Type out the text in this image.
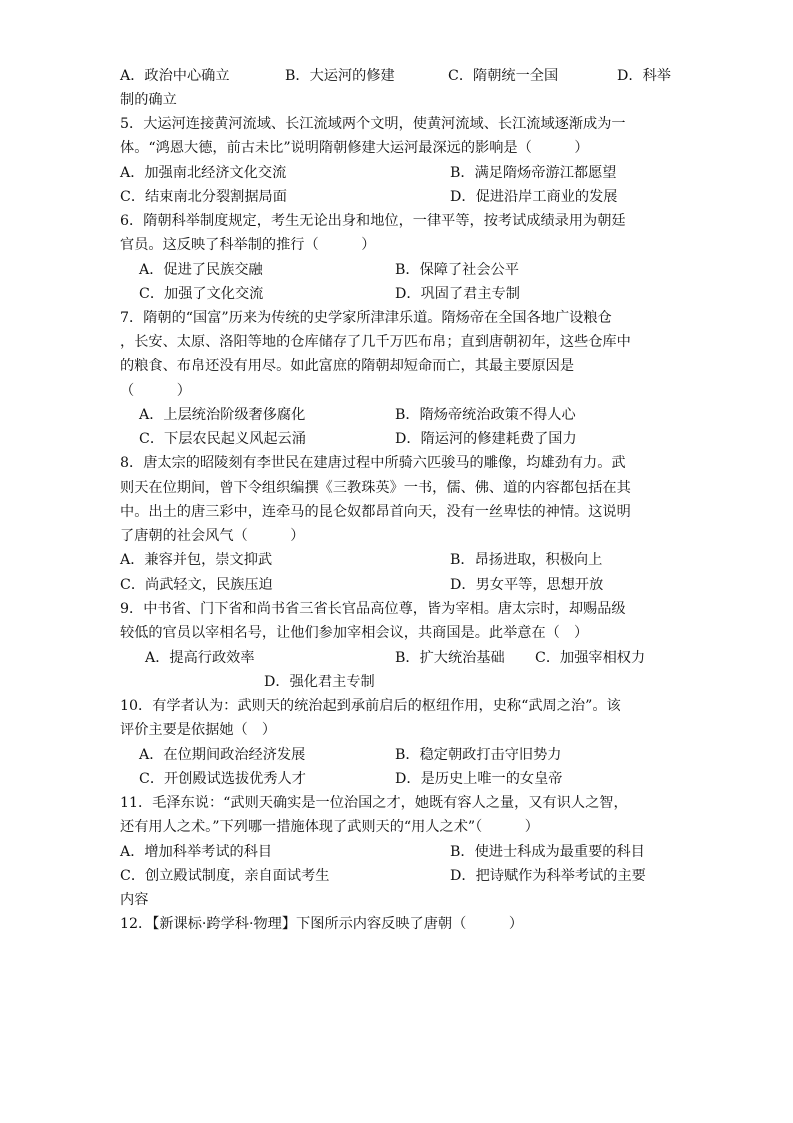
A．政治中心确立	B．大运河的修建	C．隋朝统一全国	D．科举
制的确立
5．大运河连接黄河流域、长江流域两个文明，使黄河流域、长江流域逐渐成为一
体。“鸿恩大德，前古未比”说明隋朝修建大运河最深远的影响是（　　　）
A．加强南北经济文化交流	B．满足隋炀帝游江都愿望
C．结束南北分裂割据局面	D．促进沿岸工商业的发展
6．隋朝科举制度规定，考生无论出身和地位，一律平等，按考试成绩录用为朝廷
官员。这反映了科举制的推行（　　　）
A．促进了民族交融	B．保障了社会公平
C．加强了文化交流	D．巩固了君主专制
7．隋朝的“国富”历来为传统的史学家所津津乐道。隋炀帝在全国各地广设粮仓
，长安、太原、洛阳等地的仓库储存了几千万匹布帛；直到唐朝初年，这些仓库中
的粮食、布帛还没有用尽。如此富庶的隋朝却短命而亡，其最主要原因是
（　　　）
A．上层统治阶级奢侈腐化	B．隋炀帝统治政策不得人心
C．下层农民起义风起云涌	D．隋运河的修建耗费了国力
8．唐太宗的昭陵刻有李世民在建唐过程中所骑六匹骏马的雕像，均雄劲有力。武
则天在位期间，曾下令组织编撰《三教珠英》一书，儒、佛、道的内容都包括在其
中。出土的唐三彩中，连牵马的昆仑奴都昂首向天，没有一丝卑怯的神情。这说明
了唐朝的社会风气（　　　）
A．兼容并包，崇文抑武	B．昂扬进取，积极向上
C．尚武轻文，民族压迫	D．男女平等，思想开放
9．中书省、门下省和尚书省三省长官品高位尊，皆为宰相。唐太宗时，却赐品级
较低的官员以宰相名号，让他们参加宰相会议，共商国是。此举意在（　）
A．提高行政效率	B．扩大统治基础 C．加强宰相权力
D．强化君主专制
10．有学者认为：武则天的统治起到承前启后的枢纽作用，史称“武周之治”。该
评价主要是依据她（　）
A．在位期间政治经济发展	B．稳定朝政打击守旧势力
C．开创殿试选拔优秀人才	D．是历史上唯一的女皇帝
11．毛泽东说：“武则天确实是一位治国之才，她既有容人之量，又有识人之智，
还有用人之术。”下列哪一措施体现了武则天的“用人之术”（　　　）
A．增加科举考试的科目	B．使进士科成为最重要的科目
C．创立殿试制度，亲自面试考生	D．把诗赋作为科举考试的主要
内容
12．【新课标·跨学科·物理】下图所示内容反映了唐朝（　　　）
